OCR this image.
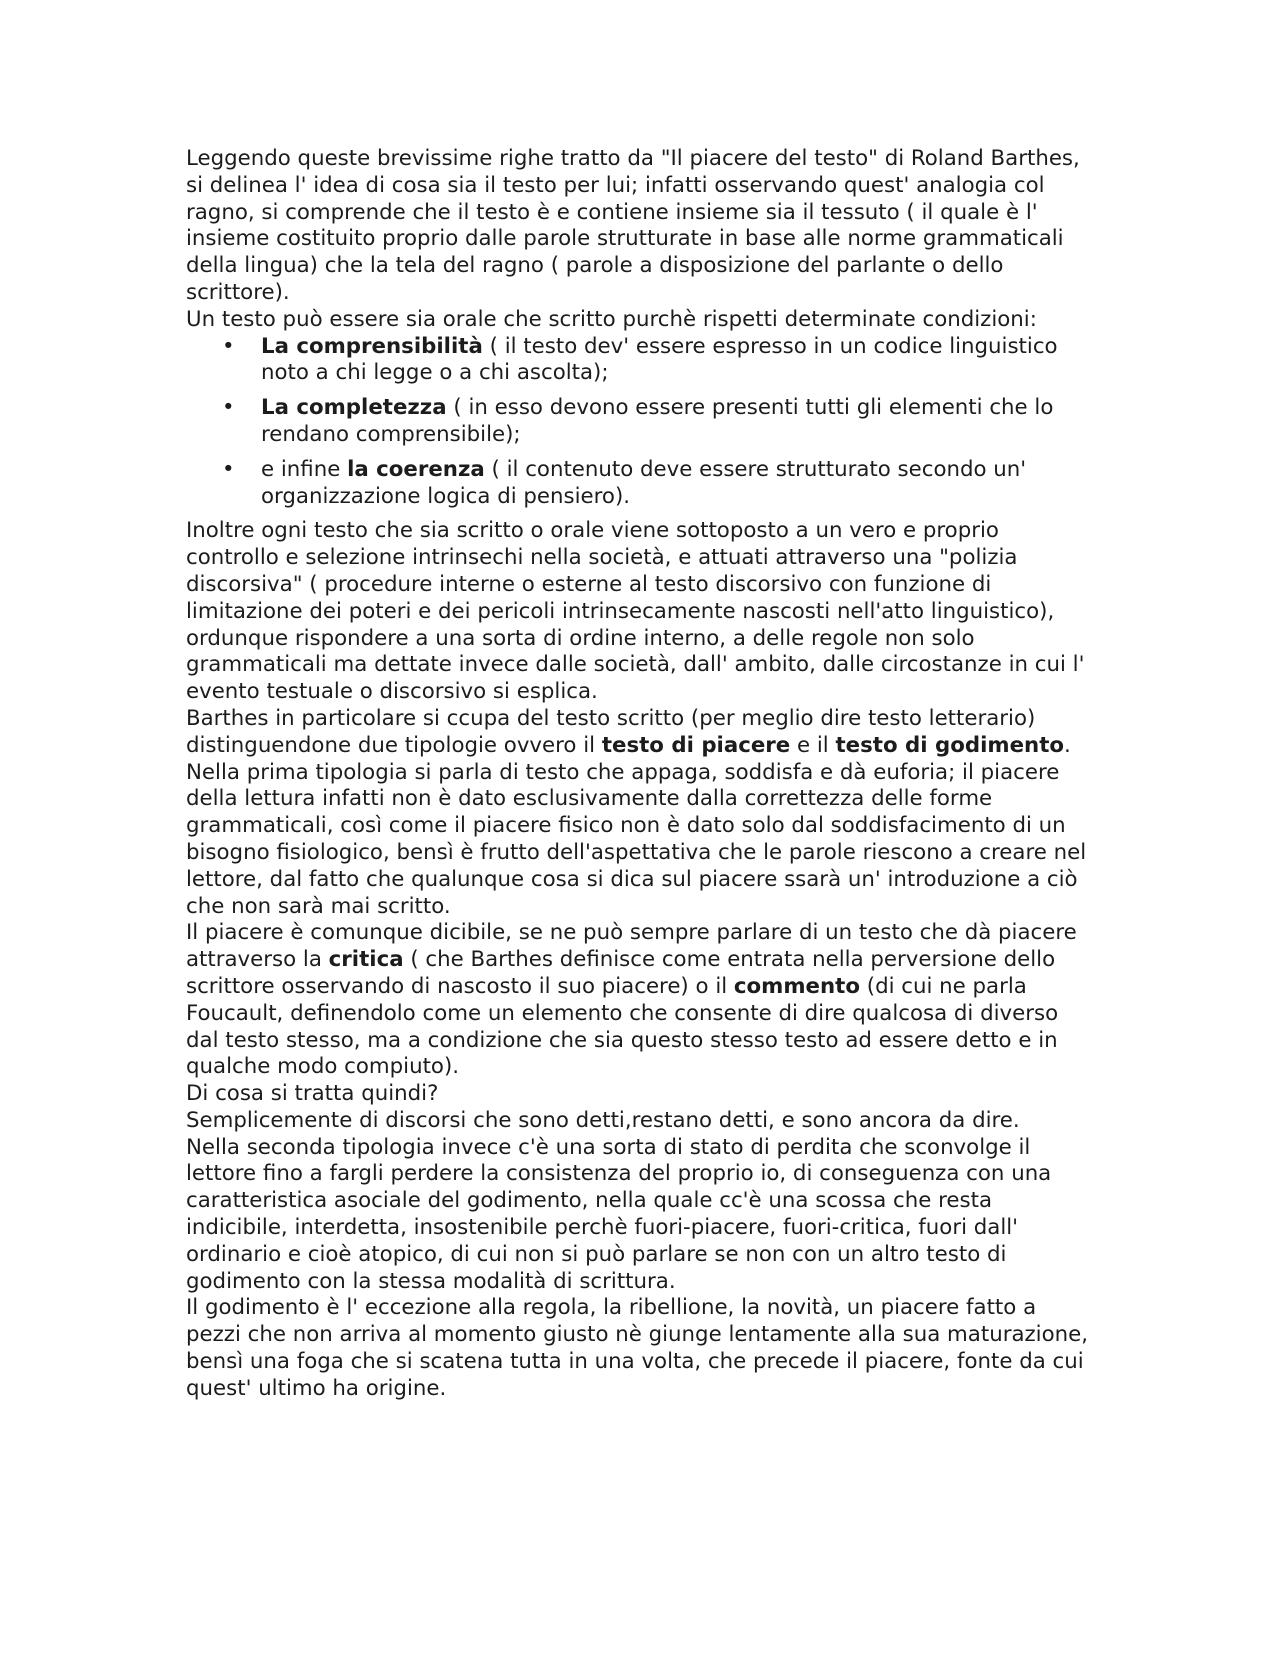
Leggendo queste brevissime righe tratto da "Il piacere del testo" di Roland Barthes, si delinea l' idea di cosa sia il testo per lui; infatti osservando quest' analogia col ragno, si comprende che il testo è e contiene insieme sia il tessuto ( il quale è l' insieme costituito proprio dalle parole strutturate in base alle norme grammaticali della lingua) che la tela del ragno ( parole a disposizione del parlante o dello scrittore).

Un testo può essere sia orale che scritto purchè rispetti determinate condizioni:

• La comprensibilità ( il testo dev' essere espresso in un codice linguistico noto a chi legge o a chi ascolta);
• La completezza ( in esso devono essere presenti tutti gli elementi che lo rendano comprensibile);
• e infine la coerenza ( il contenuto deve essere strutturato secondo un' organizzazione logica di pensiero).

Inoltre ogni testo che sia scritto o orale viene sottoposto a un vero e proprio controllo e selezione intrinsechi nella società, e attuati attraverso una "polizia discorsiva" ( procedure interne o esterne al testo discorsivo con funzione di limitazione dei poteri e dei pericoli intrinsecamente nascosti nell'atto linguistico), ordunque rispondere a una sorta di ordine interno, a delle regole non solo grammaticali ma dettate invece dalle società, dall' ambito, dalle circostanze in cui l' evento testuale o discorsivo si esplica.

Barthes in particolare si ccupa del testo scritto (per meglio dire testo letterario) distinguendone due tipologie ovvero il testo di piacere e il testo di godimento.

Nella prima tipologia si parla di testo che appaga, soddisfa e dà euforia; il piacere della lettura infatti non è dato esclusivamente dalla correttezza delle forme grammaticali, così come il piacere fisico non è dato solo dal soddisfacimento di un bisogno fisiologico, bensì è frutto dell'aspettativa che le parole riescono a creare nel lettore, dal fatto che qualunque cosa si dica sul piacere ssarà un' introduzione a ciò che non sarà mai scritto.

Il piacere è comunque dicibile, se ne può sempre parlare di un testo che dà piacere attraverso la critica ( che Barthes definisce come entrata nella perversione dello scrittore osservando di nascosto il suo piacere) o il commento (di cui ne parla Foucault, definendolo come un elemento che consente di dire qualcosa di diverso dal testo stesso, ma a condizione che sia questo stesso testo ad essere detto e in qualche modo compiuto).

Di cosa si tratta quindi?

Semplicemente di discorsi che sono detti,restano detti, e sono ancora da dire.

Nella seconda tipologia invece c'è una sorta di stato di perdita che sconvolge il lettore fino a fargli perdere la consistenza del proprio io, di conseguenza con una caratteristica asociale del godimento, nella quale cc'è una scossa che resta indicibile, interdetta, insostenibile perchè fuori-piacere, fuori-critica, fuori dall' ordinario e cioè atopico, di cui non si può parlare se non con un altro testo di godimento con la stessa modalità di scrittura.

Il godimento è l' eccezione alla regola, la ribellione, la novità, un piacere fatto a pezzi che non arriva al momento giusto nè giunge lentamente alla sua maturazione, bensì una foga che si scatena tutta in una volta, che precede il piacere, fonte da cui quest' ultimo ha origine.
